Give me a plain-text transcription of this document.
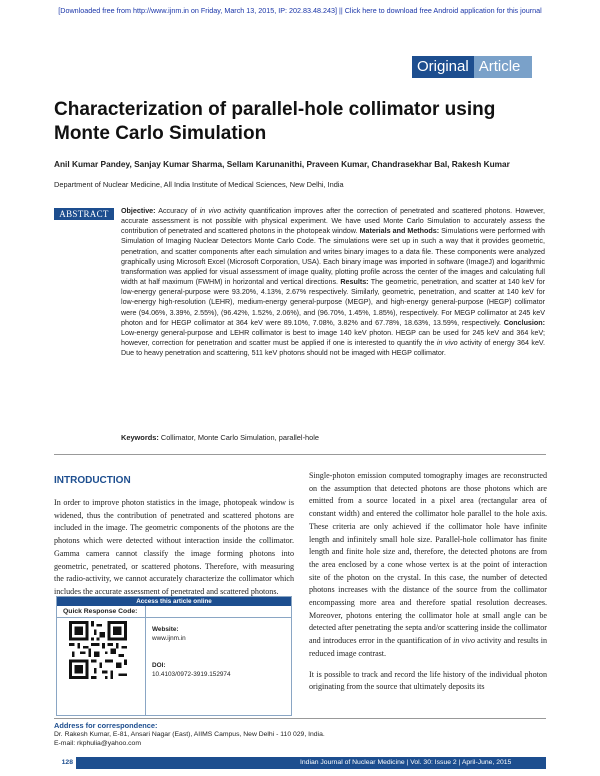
[Downloaded free from http://www.ijnm.in on Friday, March 13, 2015, IP: 202.83.48.243] || Click here to download free Android application for this journal
Original Article
Characterization of parallel-hole collimator using Monte Carlo Simulation
Anil Kumar Pandey, Sanjay Kumar Sharma, Sellam Karunanithi, Praveen Kumar, Chandrasekhar Bal, Rakesh Kumar
Department of Nuclear Medicine, All India Institute of Medical Sciences, New Delhi, India
ABSTRACT	Objective: Accuracy of in vivo activity quantification improves after the correction of penetrated and scattered photons. However, accurate assessment is not possible with physical experiment. We have used Monte Carlo Simulation to accurately assess the contribution of penetrated and scattered photons in the photopeak window. Materials and Methods: Simulations were performed with Simulation of Imaging Nuclear Detectors Monte Carlo Code. The simulations were set up in such a way that it provides geometric, penetration, and scatter components after each simulation and writes binary images to a data file. These components were analyzed graphically using Microsoft Excel (Microsoft Corporation, USA). Each binary image was imported in software (ImageJ) and logarithmic transformation was applied for visual assessment of image quality, plotting profile across the center of the images and calculating full width at half maximum (FWHM) in horizontal and vertical directions. Results: The geometric, penetration, and scatter at 140 keV for low-energy general-purpose were 93.20%, 4.13%, 2.67% respectively. Similarly, geometric, penetration, and scatter at 140 keV for low-energy high-resolution (LEHR), medium-energy general-purpose (MEGP), and high-energy general-purpose (HEGP) collimator were (94.06%, 3.39%, 2.55%), (96.42%, 1.52%, 2.06%), and (96.70%, 1.45%, 1.85%), respectively. For MEGP collimator at 245 keV photon and for HEGP collimator at 364 keV were 89.10%, 7.08%, 3.82% and 67.78%, 18.63%, 13.59%, respectively. Conclusion: Low-energy general-purpose and LEHR collimator is best to image 140 keV photon. HEGP can be used for 245 keV and 364 keV; however, correction for penetration and scatter must be applied if one is interested to quantify the in vivo activity of energy 364 keV. Due to heavy penetration and scattering, 511 keV photons should not be imaged with HEGP collimator.
Keywords: Collimator, Monte Carlo Simulation, parallel-hole
INTRODUCTION
In order to improve photon statistics in the image, photopeak window is widened, thus the contribution of penetrated and scattered photons are included in the image. The geometric components of the photons are the photons which were detected without interaction inside the collimator. Gamma camera cannot classify the image forming photons into geometric, penetrated, or scattered photons. Therefore, with measuring the radio-activity, we cannot accurately characterize the collimator which includes the accurate assessment of penetrated and scattered photons.

Single-photon emission computed tomography images are reconstructed on the assumption that detected photons are those photons which are emitted from a source located in a pixel area (rectangular area of constant width) and entered the collimator hole parallel to the hole axis. These criteria are only achieved if the collimator hole have infinite length and infinitely small hole size. Parallel-hole collimator has finite length and finite hole size and, therefore, the detected photons are from the area enclosed by a cone whose vertex is at the point of interaction site of the photon on the crystal. In this case, the number of detected photons increases with the distance of the source from the collimator encompassing more area and therefore spatial resolution decreases. Moreover, photons entering the collimator hole at small angle can be detected after penetrating the septa and/or scattering inside the collimator and introduces error in the quantification of in vivo activity and results in reduced image contrast.

It is possible to track and record the life history of the individual photon originating from the source that ultimately deposits its

Access this article online
Quick Response Code:
Website:
www.ijnm.in
DOI:
10.4103/0972-3919.152974
Address for correspondence:
Dr. Rakesh Kumar, E-81, Ansari Nagar (East), AIIMS Campus, New Delhi - 110 029, India.
E-mail: rkphulia@yahoo.com
128	Indian Journal of Nuclear Medicine | Vol. 30: Issue 2 | April-June, 2015
